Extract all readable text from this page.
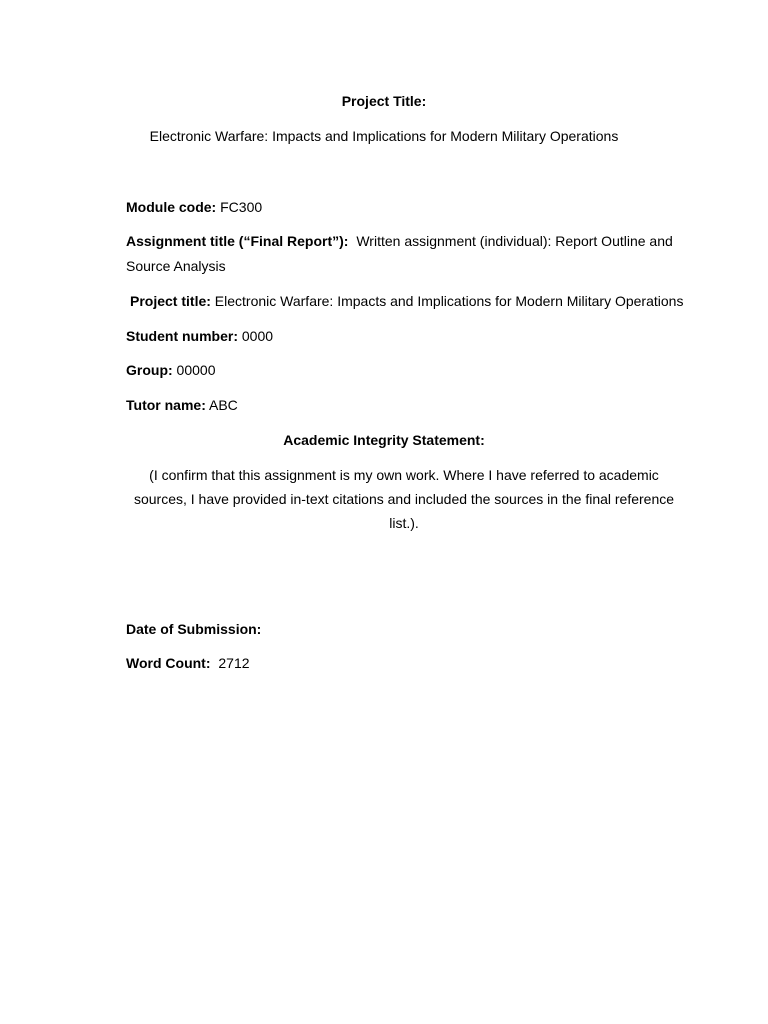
Project Title:
Electronic Warfare: Impacts and Implications for Modern Military Operations
Module code: FC300
Assignment title (“Final Report”): Written assignment (individual): Report Outline and
Source Analysis
Project title: Electronic Warfare: Impacts and Implications for Modern Military Operations
Student number: 0000
Group: 00000
Tutor name: ABC
Academic Integrity Statement:
(I confirm that this assignment is my own work. Where I have referred to academic
sources, I have provided in-text citations and included the sources in the final reference
list.).
Date of Submission:
Word Count: 2712
